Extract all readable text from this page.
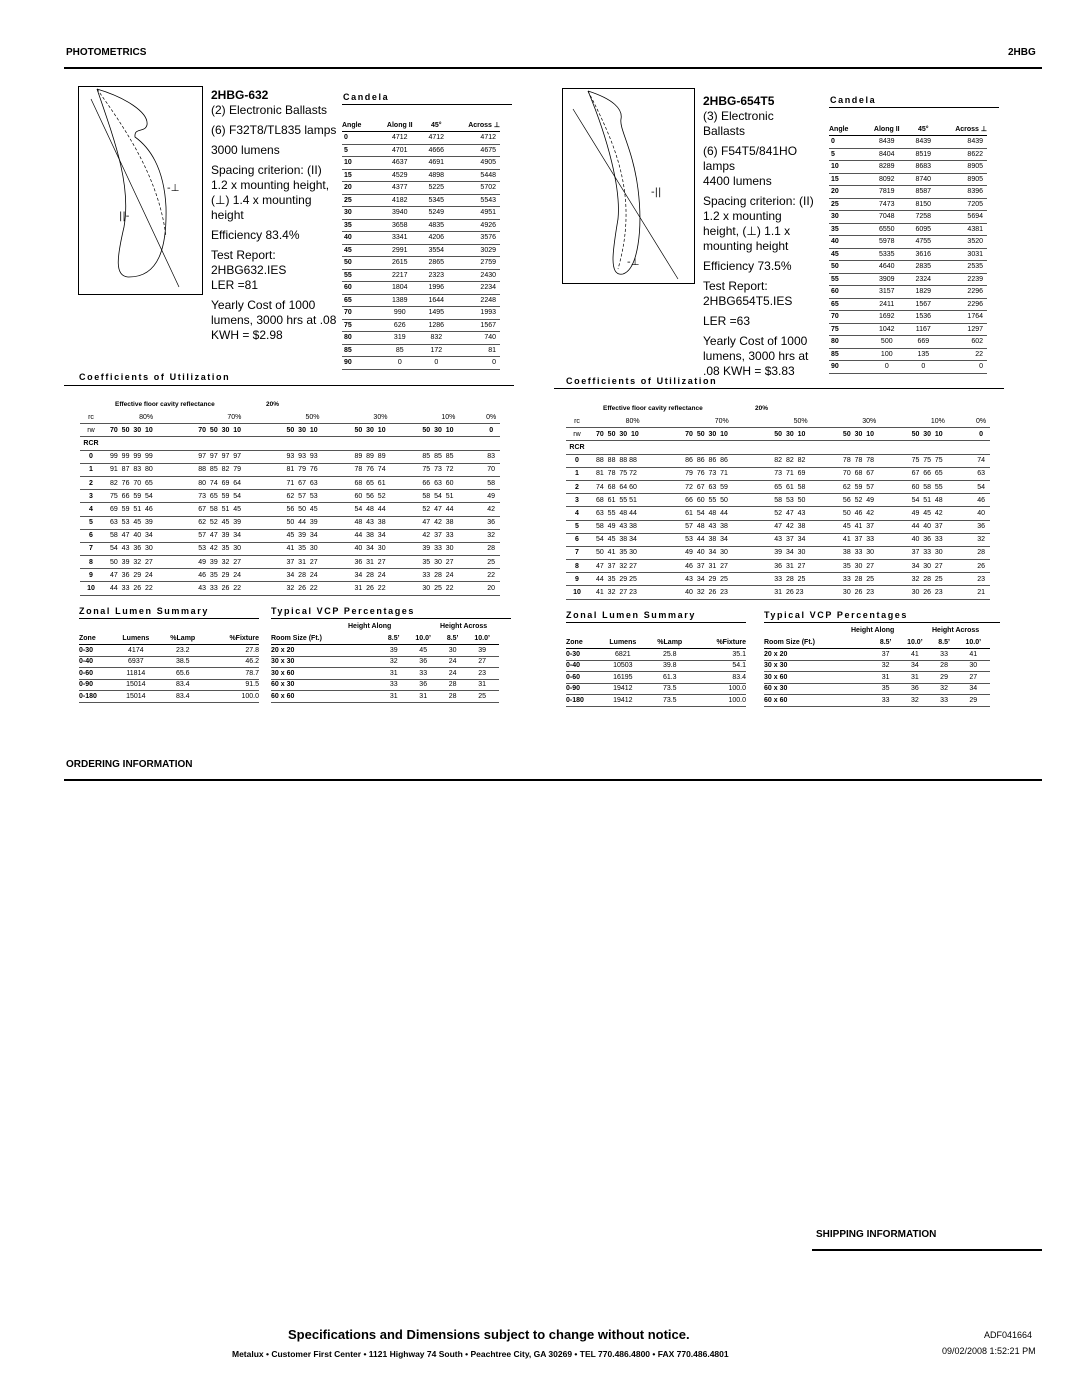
PHOTOMETRICS	2HBG
-⊥
||-

2HBG-632

(2) Electronic Ballasts

(6) F32T8/TL835 lamps

3000 lumens

Spacing criterion: (II) 1.2 x mounting height, (⊥) 1.4 x mounting height

Efficiency 83.4%

Test Report: 2HBG632.IES

LER =81

Yearly Cost of 1000 lumens, 3000 hrs at .08 KWH = $2.98

Candela
Angle	Along II	45°	Across ⊥
0	4712	4712	4712
5	4701	4666	4675
10	4637	4691	4905
15	4529	4898	5448
20	4377	5225	5702
25	4182	5345	5543
30	3940	5249	4951
35	3658	4835	4926
40	3341	4206	3576
45	2991	3554	3029
50	2615	2865	2759
55	2217	2323	2430
60	1804	1996	2234
65	1389	1644	2248
70	990	1495	1993
75	626	1286	1567
80	319	832	740
85	85	172	81
90	0	0	0
Coefficients of Utilization
Effective floor cavity reflectance	20%
rc	80%	70%	50%	30%	10%	0%
rw	70  50  30  10	70  50  30  10	50  30  10	50  30  10	50  30  10	0
RCR						
0	99  99  99  99	97  97  97  97	93  93  93	89  89  89	85  85  85	83
1	91  87  83  80	88  85  82  79	81  79  76	78  76  74	75  73  72	70
2	82  76  70  65	80  74  69  64	71  67  63	68  65  61	66  63  60	58
3	75  66  59  54	73  65  59  54	62  57  53	60  56  52	58  54  51	49
4	69  59  51  46	67  58  51  45	56  50  45	54  48  44	52  47  44	42
5	63  53  45  39	62  52  45  39	50  44  39	48  43  38	47  42  38	36
6	58  47  40  34	57  47  39  34	45  39  34	44  38  34	42  37  33	32
7	54  43  36  30	53  42  35  30	41  35  30	40  34  30	39  33  30	28
8	50  39  32  27	49  39  32  27	37  31  27	36  31  27	35  30  27	25
9	47  36  29  24	46  35  29  24	34  28  24	34  28  24	33  28  24	22
10	44  33  26  22	43  33  26  22	32  26  22	31  26  22	30  25  22	20
Zonal Lumen Summary
Zone	Lumens	%Lamp	%Fixture
0-30	4174	23.2	27.8
0-40	6937	38.5	46.2
0-60	11814	65.6	78.7
0-90	15014	83.4	91.5
0-180	15014	83.4	100.0
Typical VCP Percentages
Height Along	Height Across
Room Size (Ft.)	8.5’	10.0’	8.5’	10.0’
20 x 20	39	45	30	39
30 x 30	32	36	24	27
30 x 60	31	33	24	23
60 x 30	33	36	28	31
60 x 60	31	31	28	25
-||
-⊥

2HBG-654T5

(3) Electronic Ballasts

(6) F54T5/841HO lamps

4400 lumens

Spacing criterion: (II) 1.2 x mounting height, (⊥) 1.1 x mounting height

Efficiency 73.5%

Test Report: 2HBG654T5.IES

LER =63

Yearly Cost of 1000 lumens, 3000 hrs at .08 KWH = $3.83

Candela
Angle	Along II	45°	Across ⊥
0	8439	8439	8439
5	8404	8519	8622
10	8289	8683	8905
15	8092	8740	8905
20	7819	8587	8396
25	7473	8150	7205
30	7048	7258	5694
35	6550	6095	4381
40	5978	4755	3520
45	5335	3616	3031
50	4640	2835	2535
55	3909	2324	2239
60	3157	1829	2296
65	2411	1567	2296
70	1692	1536	1764
75	1042	1167	1297
80	500	669	602
85	100	135	22
90	0	0	0
Coefficients of Utilization
Effective floor cavity reflectance	20%
rc	80%	70%	50%	30%	10%	0%
rw	70  50  30  10	70  50  30  10	50  30  10	50  30  10	50  30  10	0
RCR						
0	88  88  88 88	86  86  86  86	82  82  82	78  78  78	75  75  75	74
1	81  78  75 72	79  76  73  71	73  71  69	70  68  67	67  66  65	63
2	74  68  64 60	72  67  63  59	65  61  58	62  59  57	60  58  55	54
3	68  61  55 51	66  60  55  50	58  53  50	56  52  49	54  51  48	46
4	63  55  48 44	61  54  48  44	52  47  43	50  46  42	49  45  42	40
5	58  49  43 38	57  48  43  38	47  42  38	45  41  37	44  40  37	36
6	54  45  38 34	53  44  38  34	43  37  34	41  37  33	40  36  33	32
7	50  41  35 30	49  40  34  30	39  34  30	38  33  30	37  33  30	28
8	47  37  32 27	46  37  31  27	36  31  27	35  30  27	34  30  27	26
9	44  35  29 25	43  34  29  25	33  28  25	33  28  25	32  28  25	23
10	41  32  27 23	40  32  26  23	31  26 23	30  26  23	30  26  23	21
Zonal Lumen Summary
Zone	Lumens	%Lamp	%Fixture
0-30	6821	25.8	35.1
0-40	10503	39.8	54.1
0-60	16195	61.3	83.4
0-90	19412	73.5	100.0
0-180	19412	73.5	100.0
Typical VCP Percentages
Height Along	Height Across
Room Size (Ft.)	8.5’	10.0’	8.5’	10.0’
20 x 20	37	41	33	41
30 x 30	32	34	28	30
30 x 60	31	31	29	27
60 x 30	35	36	32	34
60 x 60	33	32	33	29
ORDERING INFORMATION
SHIPPING INFORMATION
Specifications and Dimensions subject to change without notice.
Metalux • Customer First Center • 1121 Highway 74 South • Peachtree City, GA 30269 • TEL 770.486.4800 • FAX 770.486.4801
ADF041664
09/02/2008 1:52:21 PM
